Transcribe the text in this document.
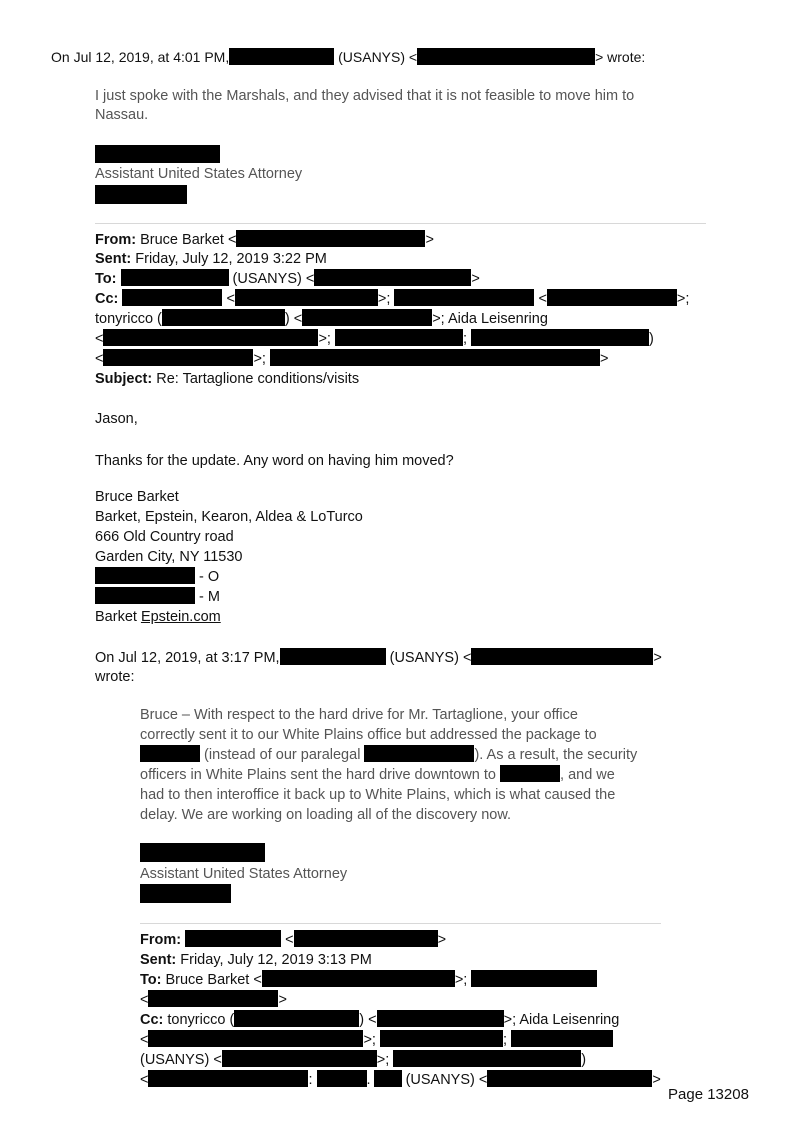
On Jul 12, 2019, at 4:01 PM,	(USANYS) <	> wrote:
I just spoke with the Marshals, and they advised that it is not feasible to move him to
Nassau.
Assistant United States Attorney
From: Bruce Barket <	>
Sent: Friday, July 12, 2019 3:22 PM
To:	(USANYS) <	>
Cc:	<	>;	<	>;
tonyricco (	) <	>; Aida Leisenring
<	>;	;	)
<	>;	>
Subject: Re: Tartaglione conditions/visits
Jason,
Thanks for the update. Any word on having him moved?
Bruce Barket
Barket, Epstein, Kearon, Aldea & LoTurco
666 Old Country road
Garden City, NY 11530
- O
- M
Barket Epstein.com
On Jul 12, 2019, at 3:17 PM,	(USANYS) <	>
wrote:
Bruce – With respect to the hard drive for Mr. Tartaglione, your office
correctly sent it to our White Plains office but addressed the package to
(instead of our paralegal	). As a result, the security
officers in White Plains sent the hard drive downtown to	, and we
had to then interoffice it back up to White Plains, which is what caused the
delay. We are working on loading all of the discovery now.
Assistant United States Attorney
From:	<	>
Sent: Friday, July 12, 2019 3:13 PM
To: Bruce Barket <	>;
<	>
Cc: tonyricco (	) <	>; Aida Leisenring
<	>;	;
(USANYS) <	>;	)
<	:	. (USANYS) <	>
Page 13208
